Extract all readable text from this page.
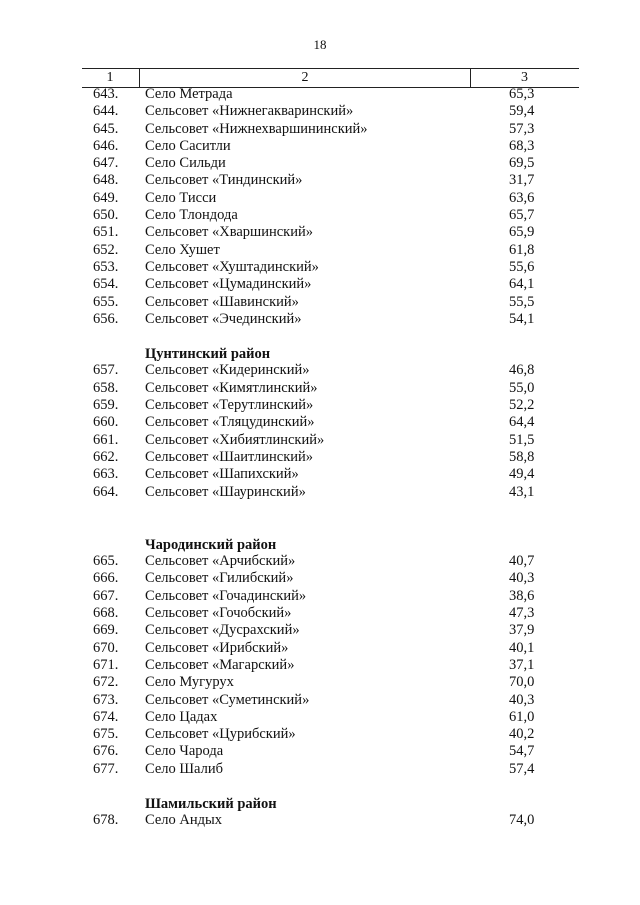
18
1	2	3
643. Село Метрада	65,3
644. Сельсовет «Нижнегакваринский»	59,4
645. Сельсовет «Нижнехваршининский»	57,3
646. Село Саситли	68,3
647. Село Сильди	69,5
648. Сельсовет «Тиндинский»	31,7
649. Село Тисси	63,6
650. Село Тлондода	65,7
651. Сельсовет «Хваршинский»	65,9
652. Село Хушет	61,8
653. Сельсовет «Хуштадинский»	55,6
654. Сельсовет «Цумадинский»	64,1
655. Сельсовет «Шавинский»	55,5
656. Сельсовет «Эчединский»	54,1
Цунтинский район
657. Сельсовет «Кидеринский»	46,8
658. Сельсовет «Кимятлинский»	55,0
659. Сельсовет «Терутлинский»	52,2
660. Сельсовет «Тляцудинский»	64,4
661. Сельсовет «Хибиятлинский»	51,5
662. Сельсовет «Шаитлинский»	58,8
663. Сельсовет «Шапихский»	49,4
664. Сельсовет «Шауринский»	43,1
Чародинский район
665. Сельсовет «Арчибский»	40,7
666. Сельсовет «Гилибский»	40,3
667. Сельсовет «Гочадинский»	38,6
668. Сельсовет «Гочобский»	47,3
669. Сельсовет «Дусрахский»	37,9
670. Сельсовет «Ирибский»	40,1
671. Сельсовет «Магарский»	37,1
672. Село Мугурух	70,0
673. Сельсовет «Суметинский»	40,3
674. Село Цадах	61,0
675. Сельсовет «Цурибский»	40,2
676. Село Чарода	54,7
677. Село Шалиб	57,4
Шамильский район
678. Село Андых	74,0
